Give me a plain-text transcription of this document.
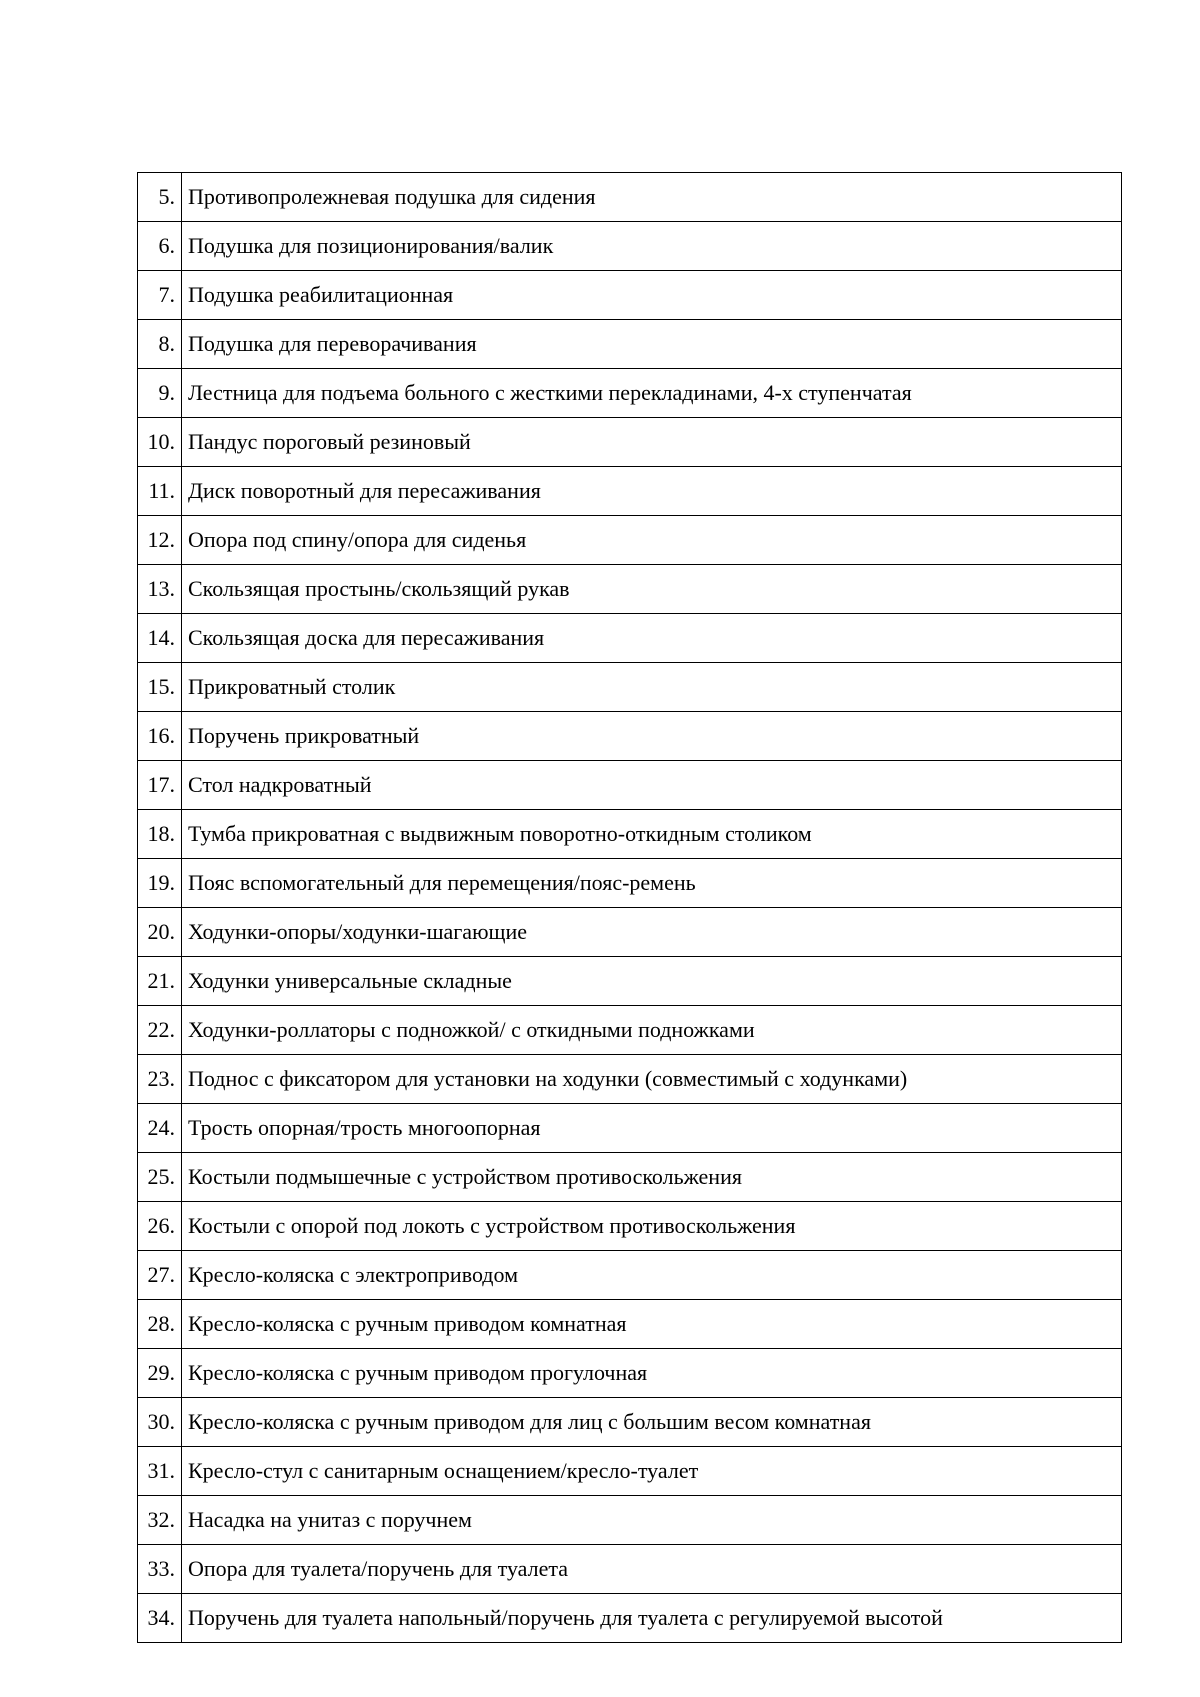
5.	Противопролежневая подушка для сидения
6.	Подушка для позиционирования/валик
7.	Подушка реабилитационная
8.	Подушка для переворачивания
9.	Лестница для подъема больного с жесткими перекладинами, 4-х ступенчатая
10.	Пандус пороговый резиновый
11.	Диск поворотный для пересаживания
12.	Опора под спину/опора для сиденья
13.	Скользящая простынь/скользящий рукав
14.	Скользящая доска для пересаживания
15.	Прикроватный столик
16.	Поручень прикроватный
17.	Стол надкроватный
18.	Тумба прикроватная с выдвижным поворотно-откидным столиком
19.	Пояс вспомогательный для перемещения/пояс-ремень
20.	Ходунки-опоры/ходунки-шагающие
21.	Ходунки универсальные складные
22.	Ходунки-роллаторы с подножкой/ с откидными подножками
23.	Поднос с фиксатором для установки на ходунки (совместимый с ходунками)
24.	Трость опорная/трость многоопорная
25.	Костыли подмышечные с устройством противоскольжения
26.	Костыли с опорой под локоть с устройством противоскольжения
27.	Кресло-коляска с электроприводом
28.	Кресло-коляска с ручным приводом комнатная
29.	Кресло-коляска с ручным приводом прогулочная
30.	Кресло-коляска с ручным приводом для лиц с большим весом комнатная
31.	Кресло-стул с санитарным оснащением/кресло-туалет
32.	Насадка на унитаз с поручнем
33.	Опора для туалета/поручень для туалета
34.	Поручень для туалета напольный/поручень для туалета с регулируемой высотой
